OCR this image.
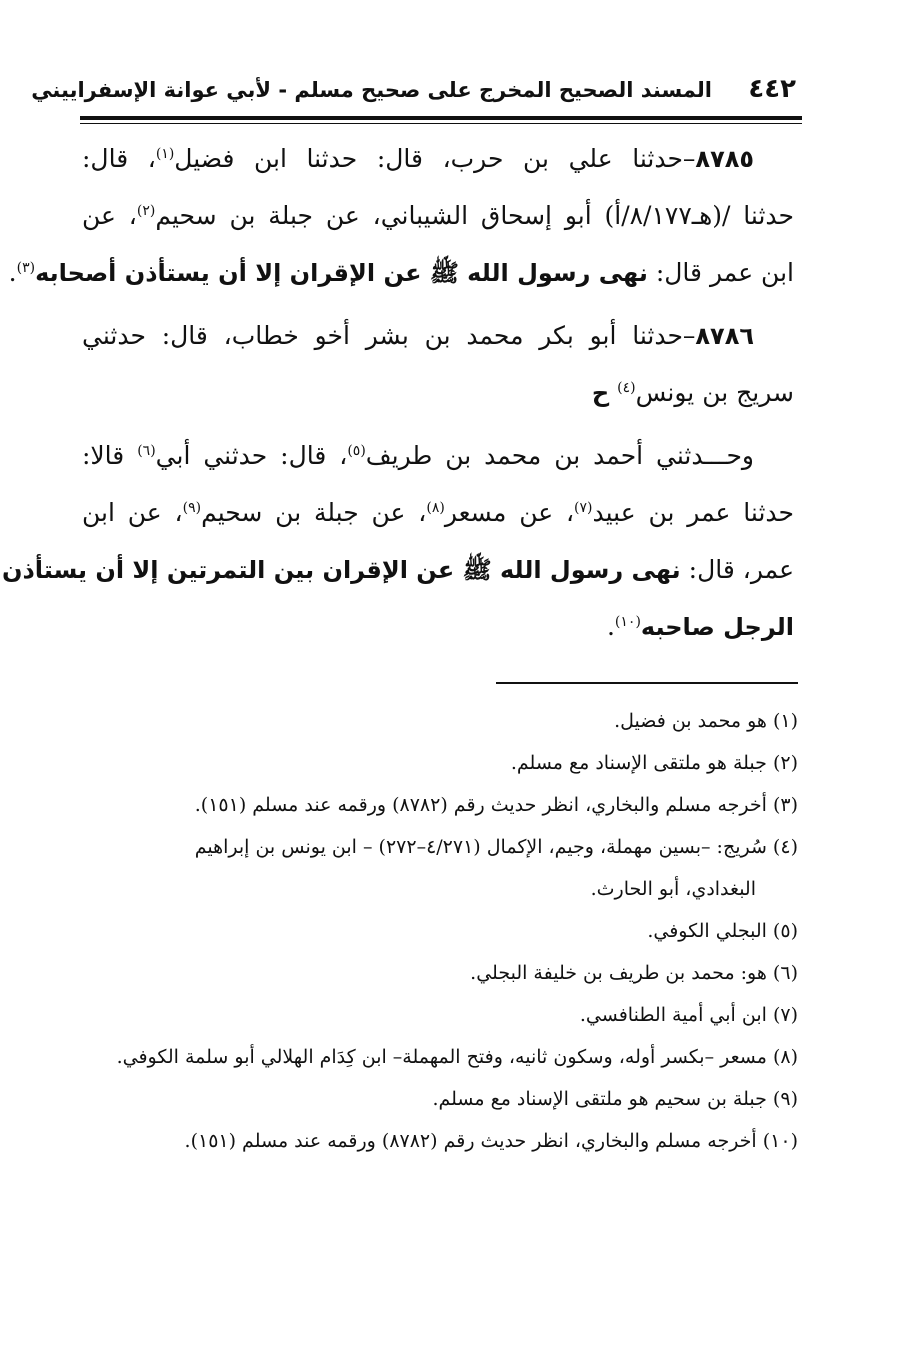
٤٤٢
المسند الصحيح المخرج على صحيح مسلم - لأبي عوانة الإسفراييني
٨٧٨٥–حدثنا علي بن حرب، قال: حدثنا ابن فضيل$^{(١)}$، قال:
حدثنا /(هـ٨/١٧٧/أ) أبو إسحاق الشيباني، عن جبلة بن سحيم$^{(٢)}$، عن
ابن عمر قال: نهى رسول الله ﷺ عن الإقران إلا أن يستأذن أصحابه$^{(٣)}$.
٨٧٨٦–حدثنا أبو بكر محمد بن بشر أخو خطاب، قال: حدثني
سريج بن يونس$^{(٤)}$ ح
وحـــدثني أحمد بن محمد بن طريف$^{(٥)}$، قال: حدثني أبي$^{(٦)}$ قالا:
حدثنا عمر بن عبيد$^{(٧)}$، عن مسعر$^{(٨)}$، عن جبلة بن سحيم$^{(٩)}$، عن ابن
عمر، قال: نهى رسول الله ﷺ عن الإقران بين التمرتين إلا أن يستأذن
الرجل صاحبه$^{(١٠)}$.
(١) هو محمد بن فضيل.
(٢) جبلة هو ملتقى الإسناد مع مسلم.
(٣) أخرجه مسلم والبخاري، انظر حديث رقم (٨٧٨٢) ورقمه عند مسلم (١٥١).
(٤) سُريج: –بسين مهملة، وجيم، الإكمال (٤/٢٧١–٢٧٢) – ابن يونس بن إبراهيم
البغدادي، أبو الحارث.
(٥) البجلي الكوفي.
(٦) هو: محمد بن طريف بن خليفة البجلي.
(٧) ابن أبي أمية الطنافسي.
(٨) مسعر –بكسر أوله، وسكون ثانيه، وفتح المهملة– ابن كِدَام الهلالي أبو سلمة الكوفي.
(٩) جبلة بن سحيم هو ملتقى الإسناد مع مسلم.
(١٠) أخرجه مسلم والبخاري، انظر حديث رقم (٨٧٨٢) ورقمه عند مسلم (١٥١).
